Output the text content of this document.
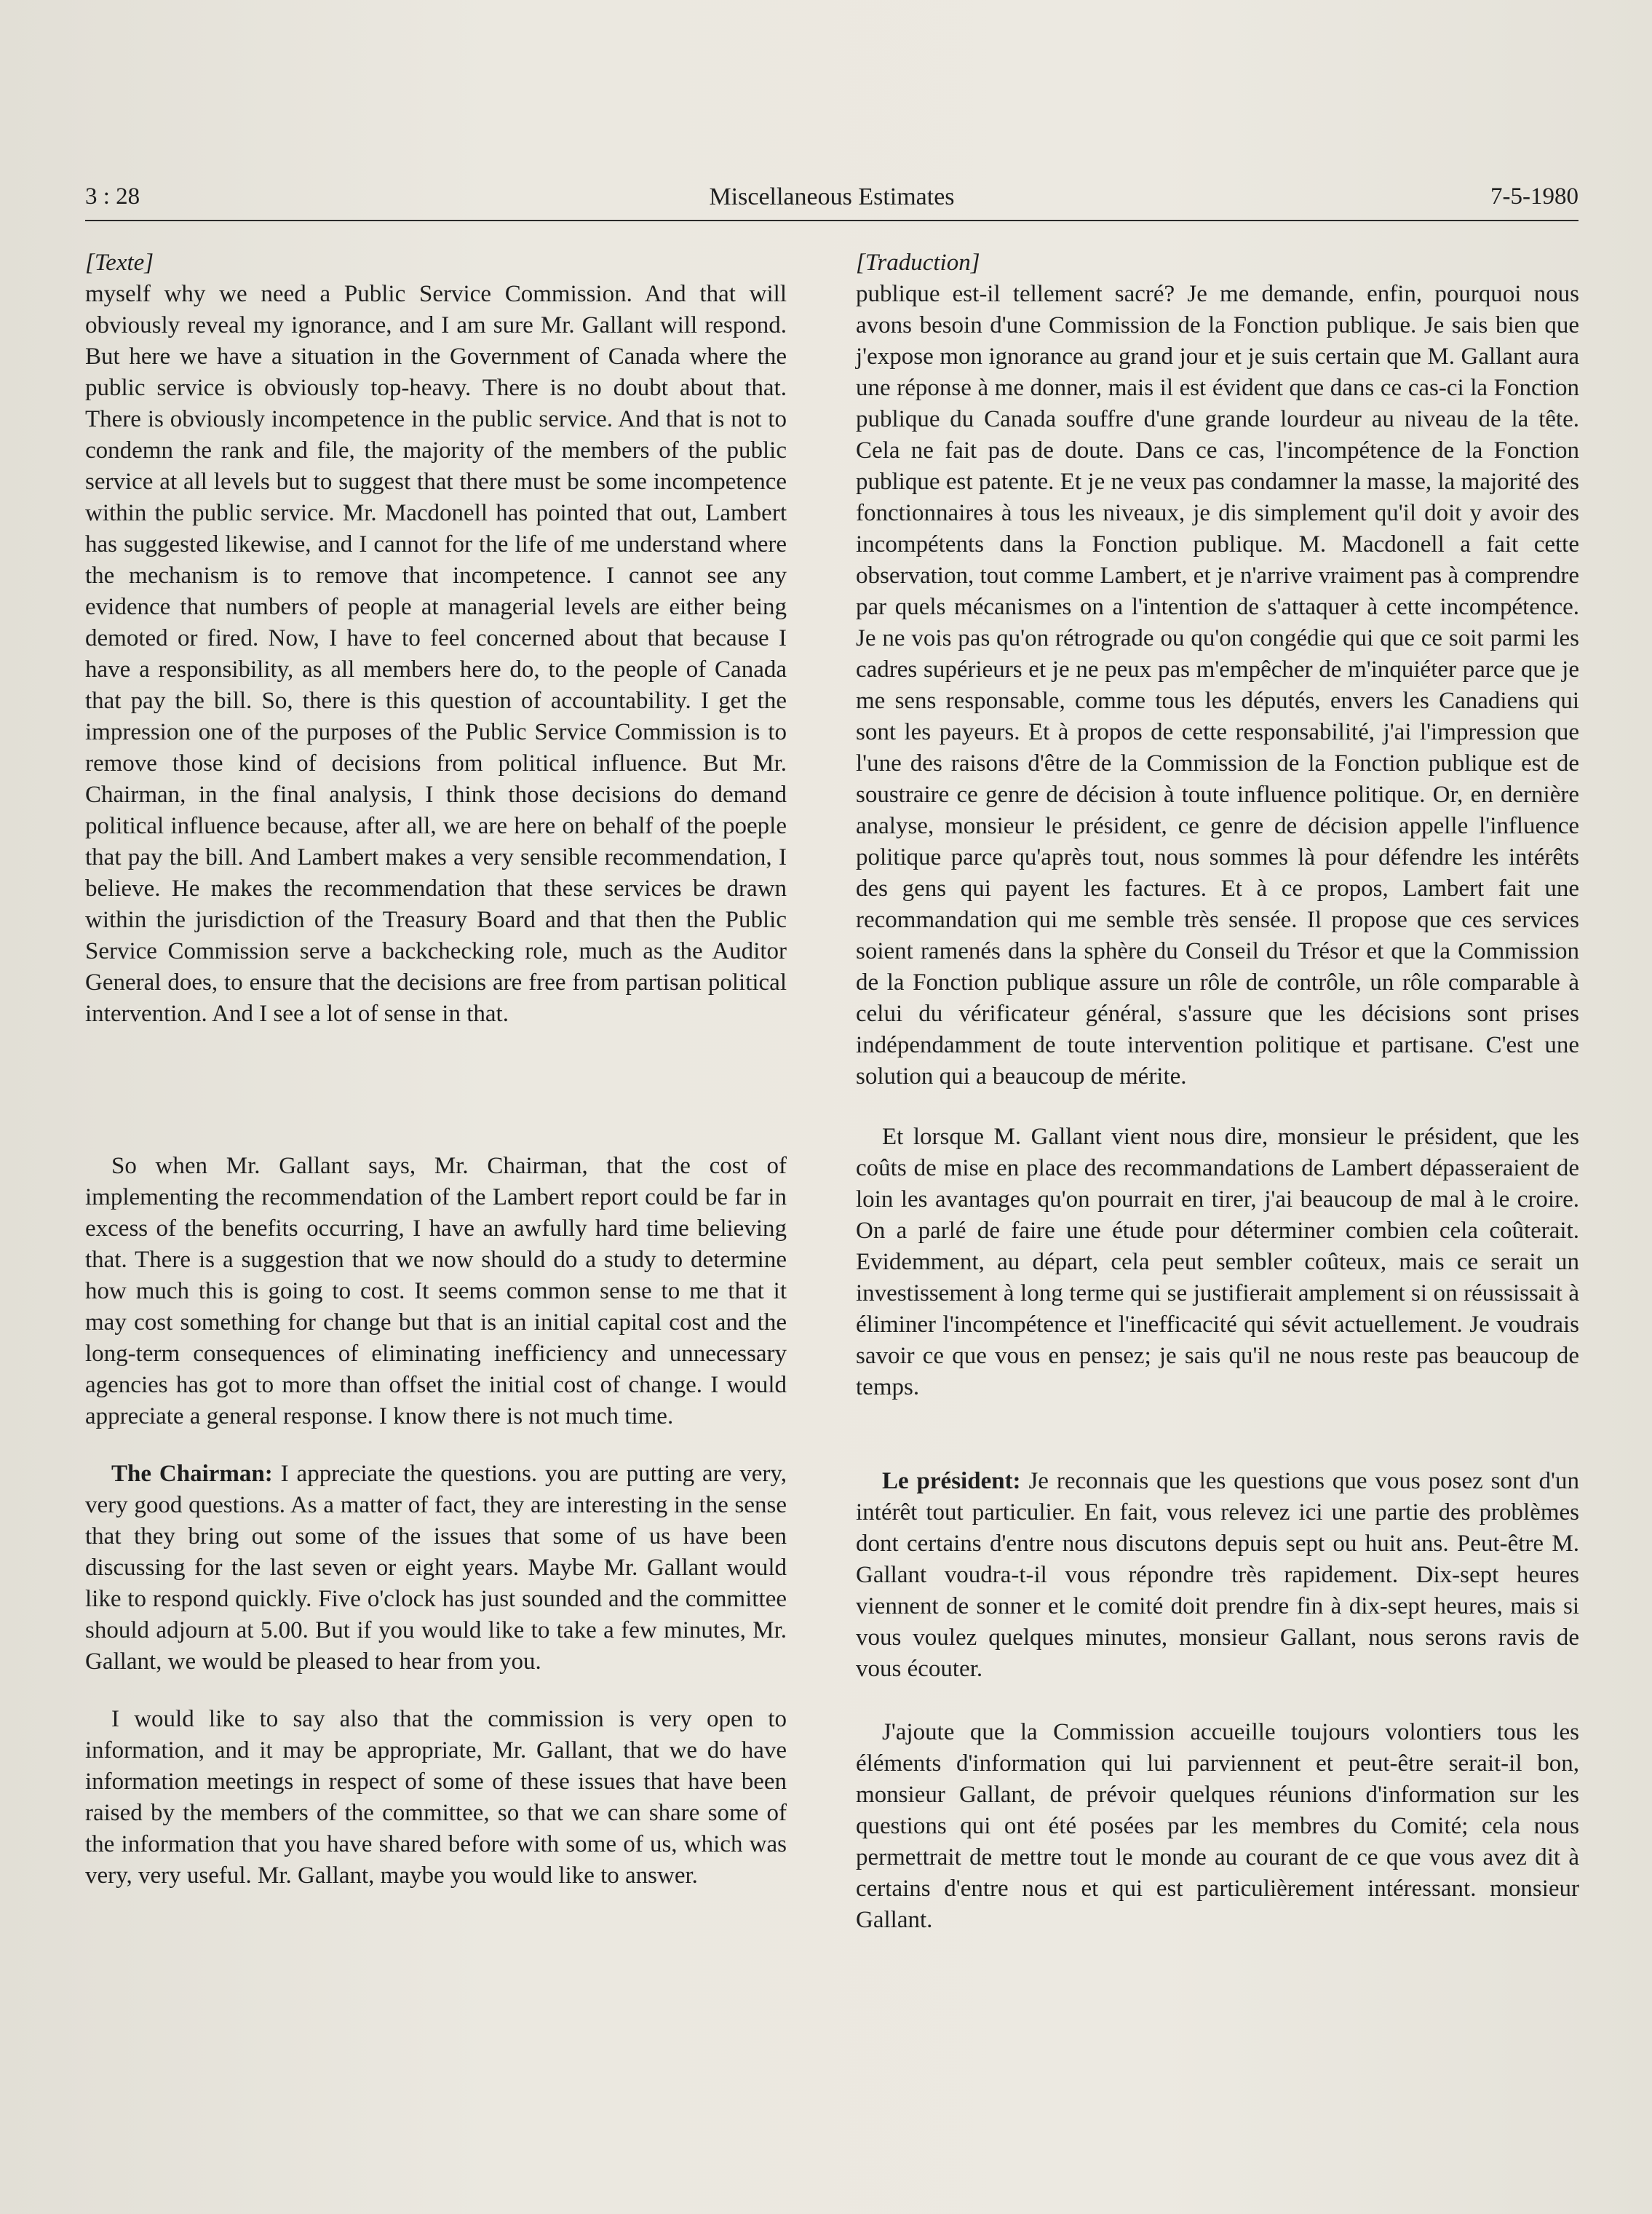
3 : 28	Miscellaneous Estimates	7-5-1980
[Texte]

myself why we need a Public Service Commission. And that will obviously reveal my ignorance, and I am sure Mr. Gallant will respond. But here we have a situation in the Government of Canada where the public service is obviously top-heavy. There is no doubt about that. There is obviously incompetence in the public service. And that is not to condemn the rank and file, the majority of the members of the public service at all levels but to suggest that there must be some incompetence within the public service. Mr. Macdonell has pointed that out, Lambert has suggested likewise, and I cannot for the life of me understand where the mechanism is to remove that incompetence. I cannot see any evidence that numbers of people at managerial levels are either being demoted or fired. Now, I have to feel concerned about that because I have a responsibility, as all members here do, to the people of Canada that pay the bill. So, there is this question of accountability. I get the impression one of the purposes of the Public Service Commission is to remove those kind of decisions from political influence. But Mr. Chairman, in the final analysis, I think those decisions do demand political influence because, after all, we are here on behalf of the poeple that pay the bill. And Lambert makes a very sensible recommendation, I believe. He makes the recommendation that these services be drawn within the jurisdiction of the Treasury Board and that then the Public Service Commission serve a backchecking role, much as the Auditor General does, to ensure that the decisions are free from partisan political intervention. And I see a lot of sense in that.

So when Mr. Gallant says, Mr. Chairman, that the cost of implementing the recommendation of the Lambert report could be far in excess of the benefits occurring, I have an awfully hard time believing that. There is a suggestion that we now should do a study to determine how much this is going to cost. It seems common sense to me that it may cost something for change but that is an initial capital cost and the long-term consequences of eliminating inefficiency and unnecessary agencies has got to more than offset the initial cost of change. I would appreciate a general response. I know there is not much time.

The Chairman: I appreciate the questions. you are putting are very, very good questions. As a matter of fact, they are interesting in the sense that they bring out some of the issues that some of us have been discussing for the last seven or eight years. Maybe Mr. Gallant would like to respond quickly. Five o'clock has just sounded and the committee should adjourn at 5.00. But if you would like to take a few minutes, Mr. Gallant, we would be pleased to hear from you.

I would like to say also that the commission is very open to information, and it may be appropriate, Mr. Gallant, that we do have information meetings in respect of some of these issues that have been raised by the members of the committee, so that we can share some of the information that you have shared before with some of us, which was very, very useful. Mr. Gallant, maybe you would like to answer.

[Traduction]

publique est-il tellement sacré? Je me demande, enfin, pourquoi nous avons besoin d'une Commission de la Fonction publique. Je sais bien que j'expose mon ignorance au grand jour et je suis certain que M. Gallant aura une réponse à me donner, mais il est évident que dans ce cas-ci la Fonction publique du Canada souffre d'une grande lourdeur au niveau de la tête. Cela ne fait pas de doute. Dans ce cas, l'incompétence de la Fonction publique est patente. Et je ne veux pas condamner la masse, la majorité des fonctionnaires à tous les niveaux, je dis simplement qu'il doit y avoir des incompétents dans la Fonction publique. M. Macdonell a fait cette observation, tout comme Lambert, et je n'arrive vraiment pas à comprendre par quels mécanismes on a l'intention de s'attaquer à cette incompétence. Je ne vois pas qu'on rétrograde ou qu'on congédie qui que ce soit parmi les cadres supérieurs et je ne peux pas m'empêcher de m'inquiéter parce que je me sens responsable, comme tous les députés, envers les Canadiens qui sont les payeurs. Et à propos de cette responsabilité, j'ai l'impression que l'une des raisons d'être de la Commission de la Fonction publique est de soustraire ce genre de décision à toute influence politique. Or, en dernière analyse, monsieur le président, ce genre de décision appelle l'influence politique parce qu'après tout, nous sommes là pour défendre les intérêts des gens qui payent les factures. Et à ce propos, Lambert fait une recommandation qui me semble très sensée. Il propose que ces services soient ramenés dans la sphère du Conseil du Trésor et que la Commission de la Fonction publique assure un rôle de contrôle, un rôle comparable à celui du vérificateur général, s'assure que les décisions sont prises indépendamment de toute intervention politique et partisane. C'est une solution qui a beaucoup de mérite.

Et lorsque M. Gallant vient nous dire, monsieur le président, que les coûts de mise en place des recommandations de Lambert dépasseraient de loin les avantages qu'on pourrait en tirer, j'ai beaucoup de mal à le croire. On a parlé de faire une étude pour déterminer combien cela coûterait. Evidemment, au départ, cela peut sembler coûteux, mais ce serait un investissement à long terme qui se justifierait amplement si on réussissait à éliminer l'incompétence et l'inefficacité qui sévit actuellement. Je voudrais savoir ce que vous en pensez; je sais qu'il ne nous reste pas beaucoup de temps.

Le président: Je reconnais que les questions que vous posez sont d'un intérêt tout particulier. En fait, vous relevez ici une partie des problèmes dont certains d'entre nous discutons depuis sept ou huit ans. Peut-être M. Gallant voudra-t-il vous répondre très rapidement. Dix-sept heures viennent de sonner et le comité doit prendre fin à dix-sept heures, mais si vous voulez quelques minutes, monsieur Gallant, nous serons ravis de vous écouter.

J'ajoute que la Commission accueille toujours volontiers tous les éléments d'information qui lui parviennent et peut-être serait-il bon, monsieur Gallant, de prévoir quelques réunions d'information sur les questions qui ont été posées par les membres du Comité; cela nous permettrait de mettre tout le monde au courant de ce que vous avez dit à certains d'entre nous et qui est particulièrement intéressant. monsieur Gallant.
